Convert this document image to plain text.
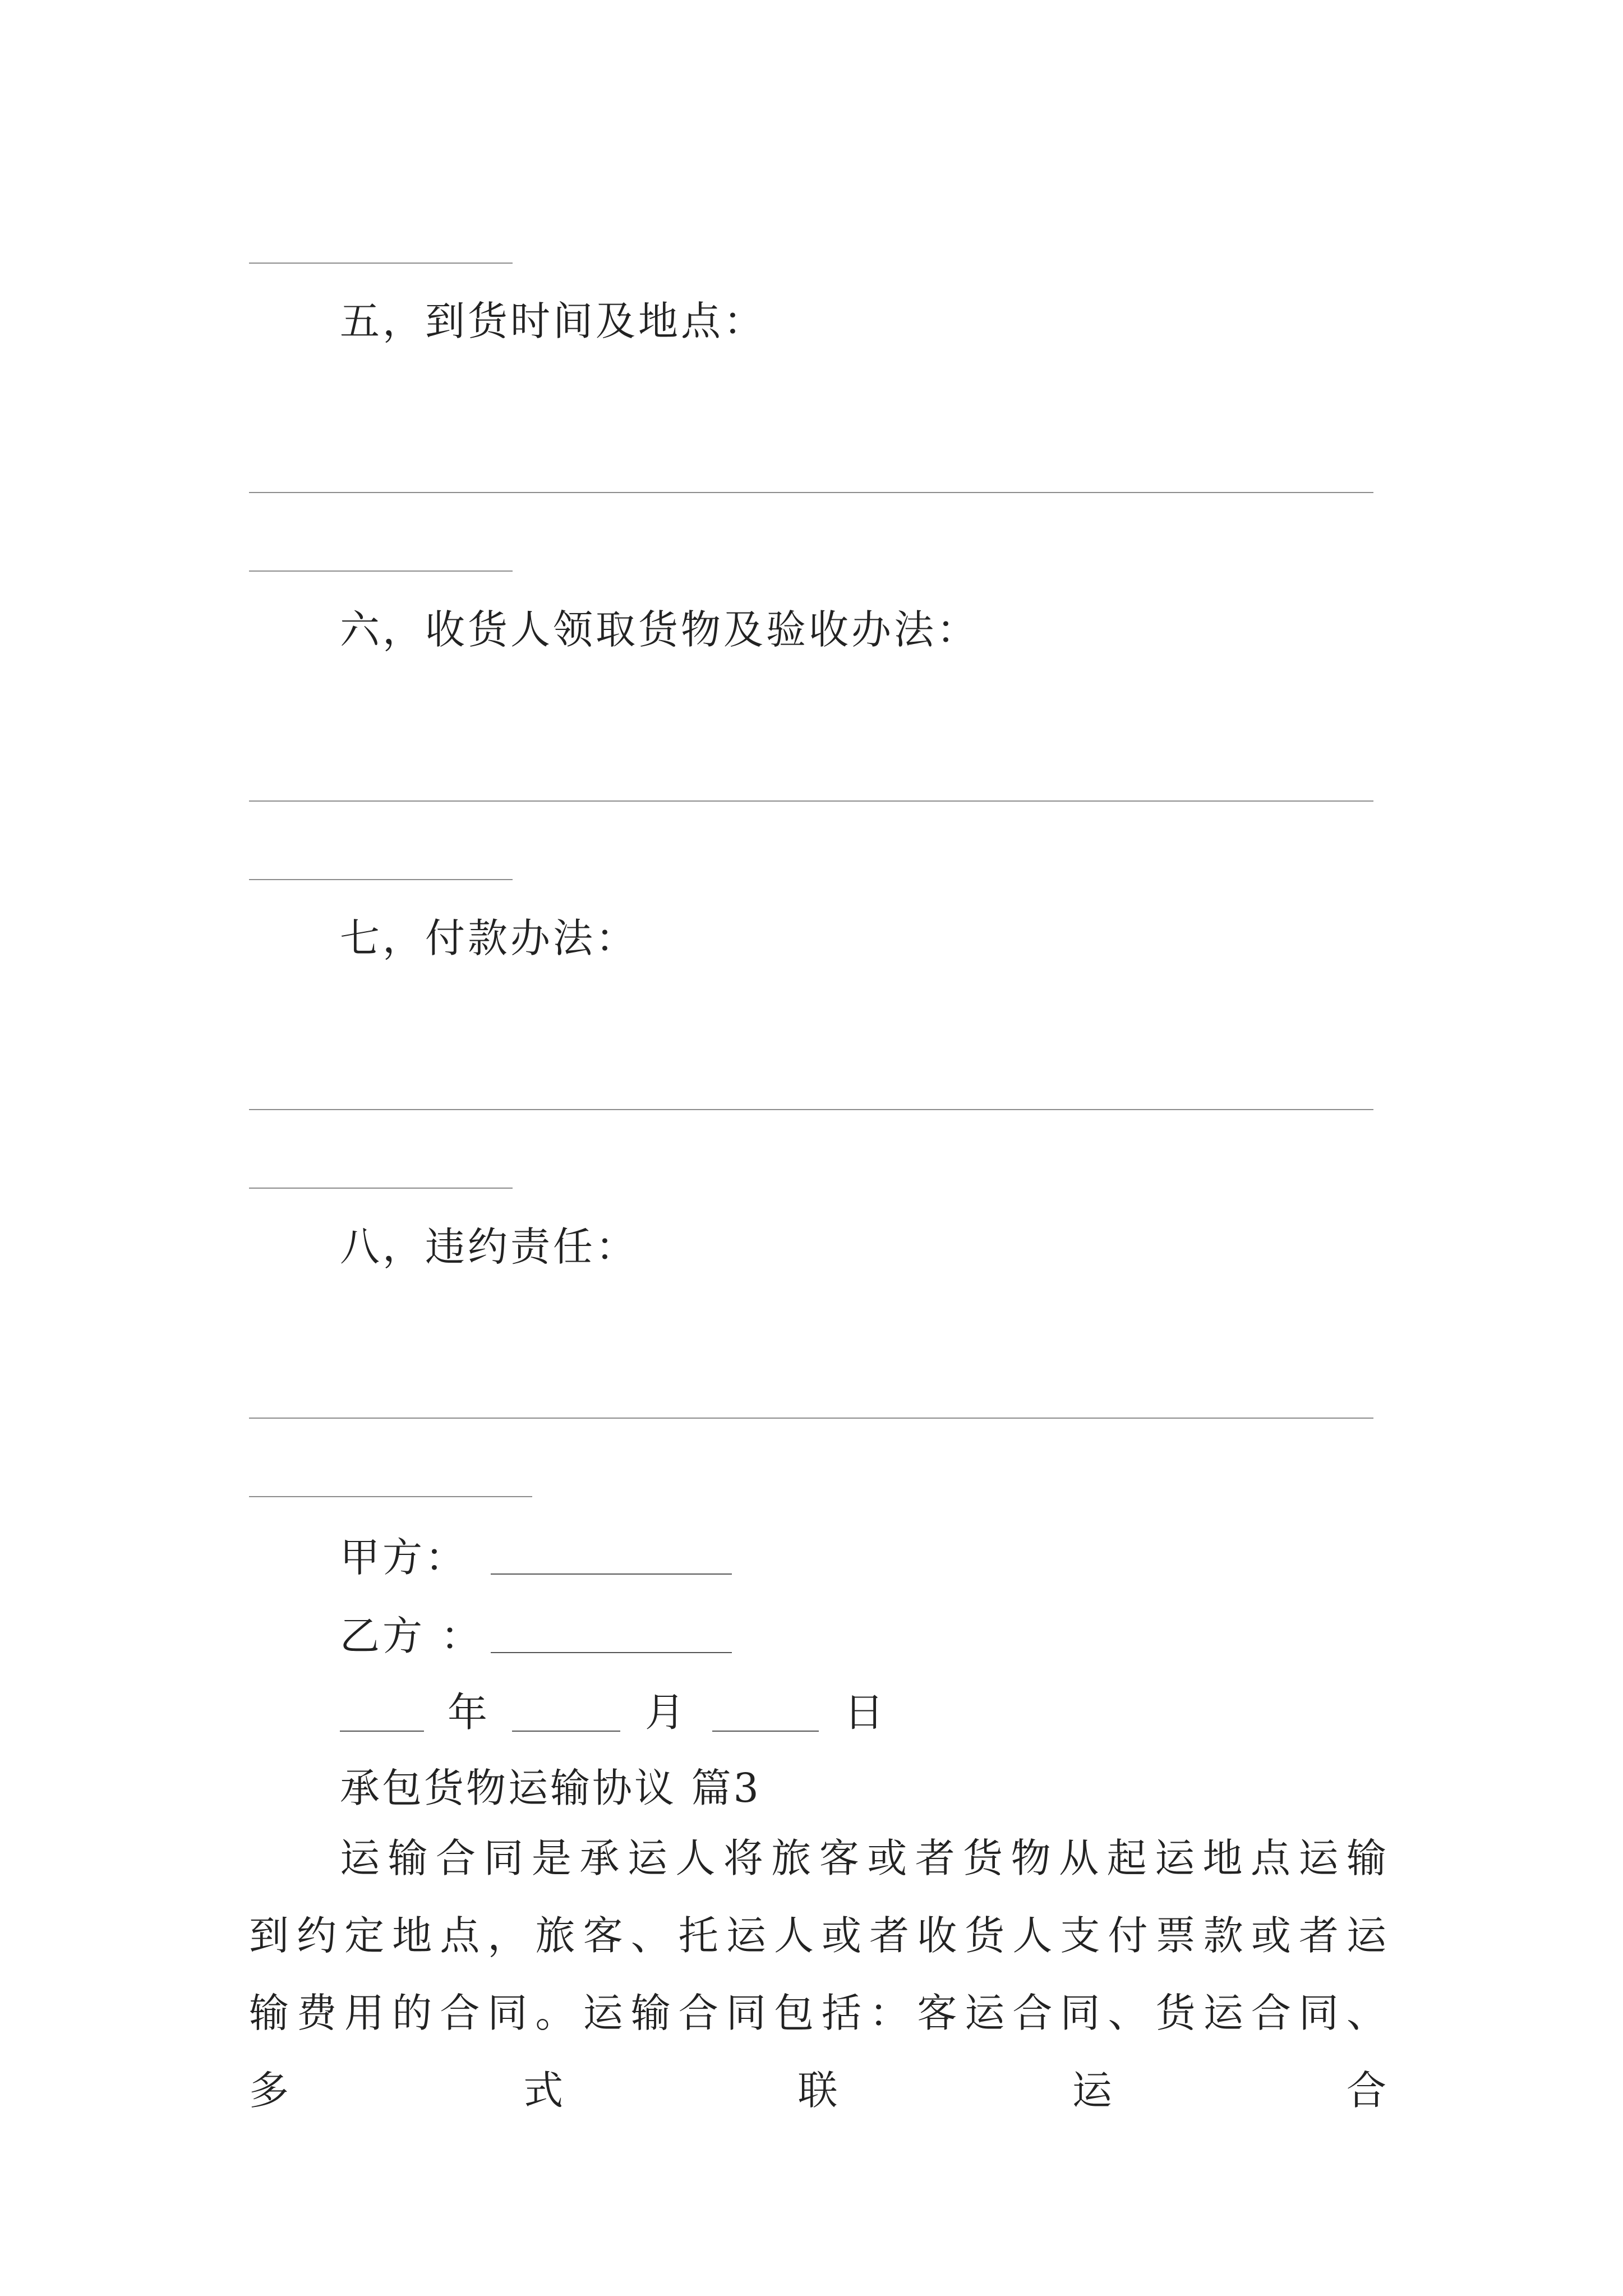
五，到货时间及地点：
六，收货人领取货物及验收办法：
七，付款办法：
八，违约责任：
甲方：
乙方 ：
年	月	日
承包货物运输协议 篇3

运输合同是承运人将旅客或者货物从起运地点运输到约定地点，旅客、托运人或者收货人支付票款或者运输费用的合同。运输合同包括：客运合同、货运合同、多式联运合
